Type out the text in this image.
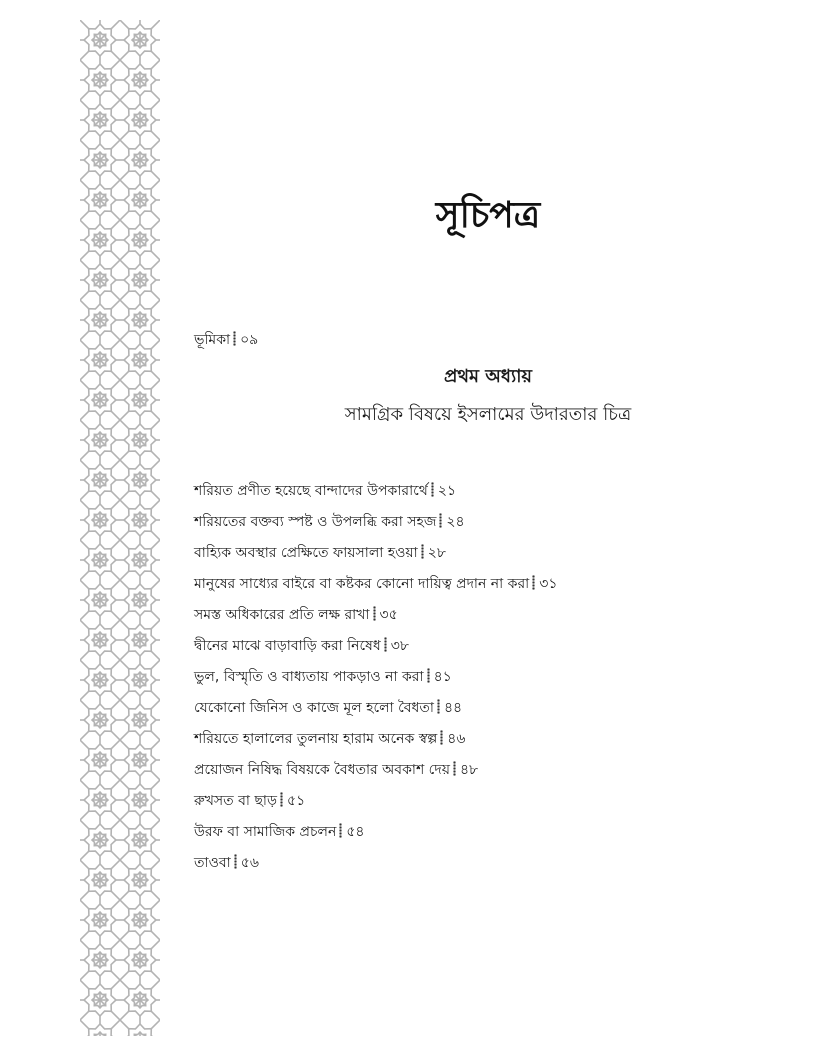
সূচিপত্র
ভূমিকা ০৯
প্রথম অধ্যায়
সামগ্রিক বিষয়ে ইসলামের উদারতার চিত্র
শরিয়ত প্রণীত হয়েছে বান্দাদের উপকারার্থে ২১
শরিয়তের বক্তব্য স্পষ্ট ও উপলব্ধি করা সহজ ২৪
বাহ্যিক অবস্থার প্রেক্ষিতে ফায়সালা হওয়া ২৮
মানুষের সাধ্যের বাইরে বা কষ্টকর কোনো দায়িত্ব প্রদান না করা ৩১
সমস্ত অধিকারের প্রতি লক্ষ রাখা ৩৫
দ্বীনের মাঝে বাড়াবাড়ি করা নিষেধ ৩৮
ভুল, বিস্মৃতি ও বাধ্যতায় পাকড়াও না করা ৪১
যেকোনো জিনিস ও কাজে মূল হলো বৈধতা ৪৪
শরিয়তে হালালের তুলনায় হারাম অনেক স্বল্প ৪৬
প্রয়োজন নিষিদ্ধ বিষয়কে বৈধতার অবকাশ দেয় ৪৮
রুখসত বা ছাড় ৫১
উরফ বা সামাজিক প্রচলন ৫৪
তাওবা ৫৬
